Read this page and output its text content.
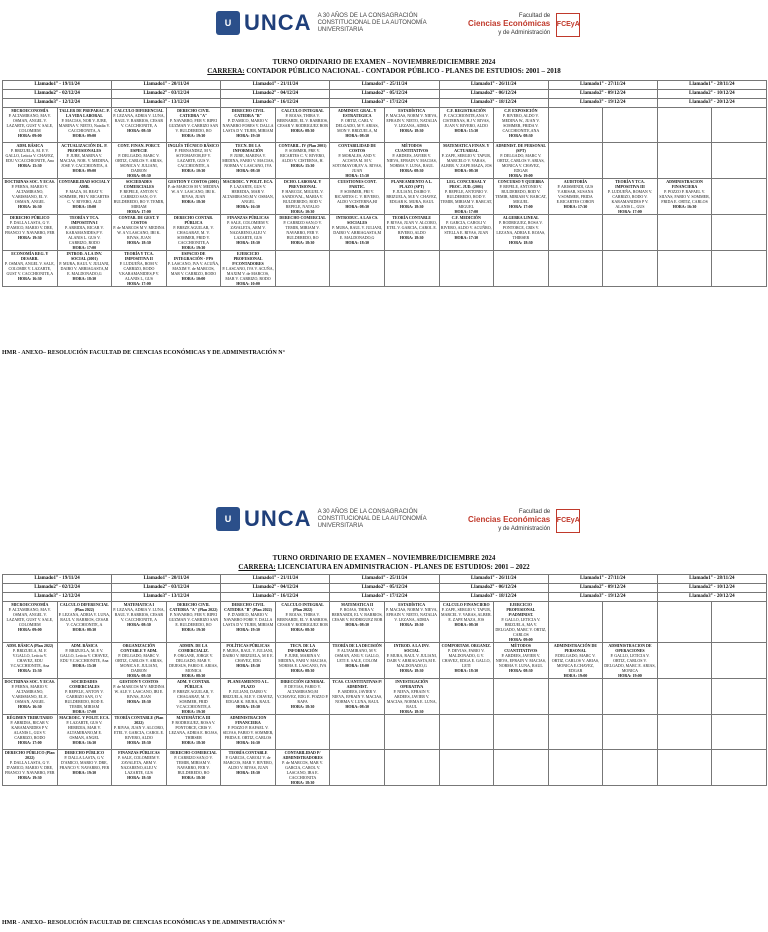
U UNCA A 30 AÑOS DE LA CONSAGRACIÓN CONSTITUCIONAL DE LA AUTONOMÍA UNIVERSITARIA
Facultad de
Ciencias Económicas
y de Administración
FCEyA
TURNO ORDINARIO DE EXAMEN – NOVIEMBRE/DICIEMBRE 2024
CARRERA: CONTADOR PÚBLICO NACIONAL - CONTADOR PÚBLICO - PLANES DE ESTUDIOS: 2001 – 2018
Llamado1° - 19/11/24		Llamado1° - 20/11/24		Llamado1° - 21/11/24		Llamado1° - 25/11/24		Llamado1° - 26/11/24		Llamado1° - 27/11/24		Llamado1° - 28/11/24	
Llamado2° - 02/12/24		Llamado2° - 03/12/24		Llamado2° - 04/12/24		Llamado2° - 05/12/24		Llamado2° - 06/12/24		Llamado2° - 09/12/24		Llamado2° - 10/12/24	
Llamado3° - 12/12/24		Llamado3° - 13/12/24		Llamado3° - 16/12/24		Llamado3° - 17/12/24		Llamado3° - 18/12/24		Llamado3° - 19/12/24		Llamado3° - 20/12/24	

MICROECONOMÍA
P. ALTAMIRANO, MA V. OSMAN, ANGEL V. LAZARTE, GUST V. SALE, COLOMIEM
HORA: 09:00	TALLER DE PREPARAC. P. LA VIDA LABORAL
P. MACIAS, NOR V. JUBE, MARINA V. NIETO, Natalia V. CACCHIONITA, A
HORA: 09:00	CALCULO DIFERENCIAL
P. LEZANA, ADRIA V. LUNA, RAUL V. BARRIOS, CESAR V. CACCHIONITE, A
HORA: 08:30	DERECHO CIVIL CATEDRA "A"
P. NAVARRO, FER V. RIPEI GUZMAN V. CARRIZO SAN V. BULDEREDO, RO
HORA: 19:30	DERECHO CIVIL CATEDRA "B"
P. D'AMICO, MARIO V. NAVARRO FORES V. DALLA LASTA D V. TEJER, MIRIAM
HORA: 19:30	CALCULO INTEGRAL
P. ROJAS, THIRA V. BERNARDI, EL V. BARRIOS, CESAR V. RODRIGUEZ BOR
HORA: 08:30	ADMINIST. GRAL. Y ESTRATEGICA
P. ORTIZ, CARL V. DELGADO, M V. ARIAS, MON V. BRIZUELA, M
HORA: 08:30	ESTADÍSTICA
P. MACIAS, NORM V. NIEVA, EFRAIN V. NIETO, NATALIA V. LEZANA, ADRIA
HORA: 18:30	C.F. REGISTRACIÓN
P. CACCHIONITE,ANA V. CISTERNAS, H.J V. RIVAS, JUAN V. RIVERO, ALDO
HORA: 15:30	C.P. EXPOSICIÓN
P. RIVERO, ALDO V. MEDINA W., JUAN V. SOMMER, FRIDA V. CACCHIONITE,ANA
HORA: 08:30				

ADM. BÁSICA
P. BRIZUELA, M. E V. GALLO, Leticia V. CHAVEZ, EDU V.CACCHIONITE, Ana
HORA: 15:30	ACTUALIZACIÓN DL. P. PROFESIONALES
P. JUBE, MARINA V. MACIAS, NOR. V. MEDINA, JOSE V. CACCHIONITA, A
HORA: 09:00	CONT. FINAN. PORCT. ESPECIE
P. DELGADO, MARC V. ORTIZ, CARLOS V. ARIAS, MONICA V. JULIANI, DAIRON
HORA: 08:30	INGLÉS TÉCNICO BÁSICO
P. FERNANDEZ, M V. SOTOMAYOR,EF V. LAZARTE, GUS V. CACCHIONITE, A
HORA: 10:30	TECN. DE LA INFORMACIÓN
P. JUBE, MARINA V. MEDINA, FABIO V. MACIAS, NORMA V. LASCANO, IVA
HORA: 08:30	CONTABIL. IV (Plan 2001)
P. SOMMER, FRE V. RICARTES C. V. RIVERO, ALDO V. CISTERNA, H.
HORA: 15:30	CONTABILIDAD DE COSTOS
P. MORALES, AND V. ACOSTA M. M V. SOTOMAYOR,EV A. RIVAS, JUAN
HORA: 15:30	MÉTODOS CUANTITATIVOS
P. ARDEES, JAVIER V. NIEVA, EFRAIN V. MACIAS, NORMA V. LUNA, RAUL
HORA: 08:30	MATEMATICA FINAN. Y ACTUARIAL
P. ZAPE, SERGIO V. TAPUR, MARCELO V. VARAS, ALBER. V. ZAPE MAZA, JOS
HORA: 08:30	ADMINIST. DE PERSONAL (SPT)
P. DELGADO, MARC V. ORTIZ, CARLOS V. ARIAS, MONICA V. CHAVEZ, EDGAR
HORA: 19:00				

DOCTRINAS SOC. Y ECAS.
P. PERNA, MARIO V. ALTAMIRANO, V.ARISMANO, EL V. OSMAN, ANGEL
HORA: 16:30	CONTABILIDAD SOCIAL Y AMB.
P. MAZA, M. BEAT V. SOMMER, FRI V. RICARTES C. V. RIVERO, ALD
HORA: 18:00	SOCIEDADES COMERCIALES
P. REPELE, ANTON V. CARRIZO SAN, O V. BULDEREDO, RO V. TEMIR, MIRIAM
HORA: 17:00	GESTION Y COSTOS (2001)
P. de MARCOS M V. MEDINA W. A V. LASCANO, IBI K. RIVAS, JUAN
HORA: 18:30	MACROEC. Y POLIT. ECA.
P. LAZARTE, GUS V. HEREDIA, MAR V. ALTAMIRANO,M V. OSMAN, ANGEL
HORA: 16:30	DCHO. LABORAL Y PREVISIONAL
P. HARCOZ, MIGUEL V. SANDOVAL, MARIA V. BULDEREDO, ROD V. REPELE, NATALIO
HORA: 10:30	CUESTIONES CONT. PARTIC.
P. SOMMER, FRI V. RICARTES C. V. RIVERO, ALDO V.CISTERNA,HJ
HORA: 08:30	PLANEAMIENTO A L. PLAZO (SPT)
P. JULIANI, DAIRO V. BRIZUELA, M.E V. CHAVEZ, EDGAR K. MURA, RAUL
HORA: 18:30	LEG. CONCURSAL Y PROC. JUD. (2001)
P. REPELE, ANTONIO V. BULDEREDO, ROD V. TEMIR, MIRIAM V. BARCAT, MIGUEL
HORA: 17:00	CONCURSO Y QUIEBRA
P. REPELE, ANTONIO V. BULDEREDO, ROD V. TEMIR, MIRIAM V. BARCAT, MIGUEL
HORA: 17:00	AUDITORÍA
P. ARISMENDI, GUS V.ARISAR, SUSANA V.SOMMER, FRIDA E.RICARTES CORON
HORA: 17:30	TEORÍA Y TCA. IMPOSITIVA III
P. LUDUEÑA, ROMAN V. CARRIZO, RODO V. KARAMANIDES P V. ALANIS L., GUS
HORA: 17:00	ADMINISTRACION FINANCIERA
P. POZZO P. RAFAEL V. SILVAS, FABIO V. SOMMER, FRIDA E. ORTIZ, CARLOS
HORA: 16:30	

DERECHO PÚBLICO
P. DALLA LASTA, G V. D'AMICO, MARIO V. DRE, FRANCO V. NAVARRO, FER
HORA: 19:30	TEORÍA Y TCA. IMPOSITIVA I
P. ARRIDIA, RICAR V. KARAMANIDES,P V. ALANIS L. GUS V. CARRIZO, RODO
HORA: 17:00	CONTAB. DE GEST. Y COSTOS
P. de MARCOS M V. MEDINA W. A V.LASCANO, IBI K. RIVAS, JUAN
HORA: 18:30	DERECHO CONTAB. PÚBLICA
P. BREZE AGUILAR, V. CHAGARAY, M. V. SOMMER, FRID V. CACCHIONITE,A
HORA: 19:30	FINANZAS PÚBLICAS
P. SALE, COLOMIEM V. ZAVALETA, ARM V. NAZARENO,ALEJ V. LAZARTE, GUS
HORA: 18:30	DERECHO COMERCIAL
P. CARRIZO SAN,O V. TEMIR, MIRIAM V. NAVARRO, FER V. BULDEREDO, RO
HORA: 18:30	INTRODUC. A LAS CS. SOCIALES
P. MURA, RAUL V. JULIANI, DAIRO V. ARRIAGASTA,M E. MALDONADO,G
HORA: 18:30	TEORÍA CONTABLE
P. RIVAS, JUAN V. ALCORO, ETEL V. GARCIA, CAROL E. RIVERO, ALDO
HORA: 18:30	C.F. MEDICIÓN
P. GARCIA, CAROLI V. RIVERO, ALDO V. ACUÑRO, STELLA E. RIVAS, JUAN
HORA: 17:30	ALGEBRA LINEAL
P. RODRIGUEZ, ROSA V. PONTORCE, CRIS V. LEZANA, ADRIA E. ROJAS, THIRSER
HORA: 18:30				

ECONOMÍA REG. Y DESARR.
P. OSMAN, ANGEL V. SALE, COLOMIE V. LAZARTE, GUST V. CACCHIONITE,A
HORA: 16:30	INTROD. A LA INV. SOCIAL (2001)
P. MURA, RAUL V. JULIANI, DAIRO V. ARRIAGASTA,M E. MALDONADO,G
HORA: 18:30	TEORÍA Y TCA. IMPOSITIVA II
P. LUDUEÑA, ROM V. CARRIZO, RODO V.KARAMANIDES,P V. ALANIS L, GUS
HORA: 17:00	ESPACIO DE INTEGRACIÓN - PPS
P. LASCANO, IVA V. ACUÑA, MAXIM V. de MARCOS, MAR V. CARRIZO, RODO
HORA: 10:00	EJERCICIO PROFESIONAL P/CONTADORES
P. LASCANO, IVA V. ACUÑA, MAXIM V. de MARCOS, MAR V. CARRIZO, RODO
HORA: 10:00									

HMR - ANEXO– RESOLUCIÓN FACULTAD DE CIENCIAS ECONÓMICAS Y DE ADMINISTRACIÓN N°
U UNCA A 30 AÑOS DE LA CONSAGRACIÓN CONSTITUCIONAL DE LA AUTONOMÍA UNIVERSITARIA
Facultad de
Ciencias Económicas
y de Administración
FCEyA
TURNO ORDINARIO DE EXAMEN – NOVIEMBRE/DICIEMBRE 2024
CARRERA: LICENCIATURA EN ADMINISTRACION - PLANES DE ESTUDIOS: 2001 – 2022
Llamado1° - 19/11/24		Llamado1° - 20/11/24		Llamado1° - 21/11/24		Llamado1° - 25/11/24		Llamado1° - 26/11/24		Llamado1° - 27/11/24		Llamado1° - 28/11/24	
Llamado2° - 02/12/24		Llamado2° - 03/12/24		Llamado2° - 04/12/24		Llamado2° - 05/12/24		Llamado2° - 06/12/24		Llamado2° - 09/12/24		Llamado2° - 10/12/24	
Llamado3° - 12/12/24		Llamado3° - 13/12/24		Llamado3° - 16/12/24		Llamado3° - 17/12/24		Llamado3° - 18/12/24		Llamado3° - 19/12/24		Llamado3° - 20/12/24	

MICROECONOMÍA
P. ALTAMIRANO, MA V. OSMAN, ANGEL V. LAZARTE, GUST V. SALE, COLOMIEM
HORA: 09:00	CALCULO DIFERENCIAL (Plan 2022)
P. LEZANA, ADRIA V. LUNA, RAUL V. BARRIOS, CESAR V. CACCHIONITE, A
HORA: 08:30	MATEMATICA I
P. LEZANA, ADRIA V. LUNA, RAUL V. BARRIOS, CESAR V. CACCHIONITE, A
HORA: 08:30	DERECHO CIVIL CATEDRA "A" (Plan 2022)
P. NAVARRO, FER V. RIPEI GUZMAN V. CARRIZO SAN E. BULDEREDO, RO
HORA: 19:30	DERECHO CIVIL CATEDRA "B" (Plan 2022)
P. D'AMICO, MARIO V. NAVARRO FORE V. DALLA LASTA D V. TEJER, MIRIAM
HORA: 19:30	CALCULO INTEGRAL (Plan 2022)
P. ROJAS, THIRA V. BERNARDI, EL V. BARRIOS, CESAR V. RODRIGUEZ BOR
HORA: 08:30	MATEMATICA II
P. ROJAS, THIRA V. BERNARDI, EL V. BARRIOS, CESAR V. RODRIGUEZ BOR
HORA: 08:30	ESTADÍSTICA
P. MACIAS, NORM V. NIEVA, EFRAIN V. NIETO, NATALIA V. LEZANA, ADRIA
HORA: 18:30	CALCULO FINANCIERO
P. ZAPE, SERGIO V. TAPUR, MARCEL V. VARAS, ALBER. E. ZAPE MAZA, JOS
HORA: 08:30	EJERCICIO PROFESIONAL P/ADMINIST.
P. GALLO, LETICIA V. BRIZUELA, MA V. DELGADO, MARC V. ORTIZ, CARLOS
HORA: 09:00				

ADM. BÁSICA (Plan 2022)
P. BRIZUELA, M. E V.GALLO, Leticia V. CHAVEZ, EDU V.CACCHIONITE, Ana
HORA: 15:30	ADM. BÁSICA
P. BRIZUELA, M. E V. GALLO, Leticia V. CHAVEZ, EDU V.CACCHIONITE, Ana
HORA: 15:30	ORGANIZACIÓN CONTABLE Y ADM.
P. DELGADO, MARC V. ORTIZ, CARLOS V. ARIAS, MONICA E. JULIANI, DAIRON
HORA: 08:30	ADMIN. DE LA COMERCIALIZ.
P. ORGANE, JORGE V. DELGADO, MAR V. DEJESUS, FABIO E. ARIAS, MONICA
HORA: 08:30	POLÍTICAS PÚBLICAS
P. MURA, RAUL V. JULIANI, DAIRO V. BRIZUELA, M E E. CHAVEZ, EDG
HORA: 18:30	TECN. DE LA INFORMACIÓN
P. JUBE, MARINA V. MEDINA, FABI V. MACIAS, NORMA E. LASCANO, IVA
HORA: 08:30	TEORÍA DE LA DECISIÓN
P. ALTAMIRANO, M V. OSMAN, ANG V. GALLO, LETI E. SALE, COLOM
HORA: 18:00	INTROD. A LA INV. SOCIAL
P. MURA, RAUL V. JULIANI, DAIR V. ARRIAGASTA,M E. MALDONADO,G
HORA: 18:30	COMPORTAM. ORGANIZ.
P. DEVIAS, FABIO V. MALDONADO, G V. CHAVEZ, EDGA E. GALLO, LETI
HORA: 18:30	MÉTODOS CUANTITATIVOS
P. ARDEES, JAVIER V. NIEVA, EFRAIN V. MACIAS, NORMA V. LUNA, RAUL
HORA: 08:30	ADMINISTRACIÓN DE PERSONAL
P.DELGADO, MARC V. ORTIZ, CARLOS V. ARIAS, MONICA E.CHAVEZ, EDGAR
HORA: 19:00	ADMINISTRACION DE OPERACIONES
P. GALLO, LETICIA V. ORTIZ, CARLOS V. DELGADO, MARC E. ARIAS, MONICA
HORA: 19:00		

DOCTRINAS SOC. Y ECAS.
P. PERNA, MARIO V. ALTAMIRANO, V.ARISMANO, EL E. OSMAN, ANGEL
HORA: 16:30	SOCIEDADES COMERCIALES
P. REPELE, ANTON V. CARRIZO SAN, O V. BULDEREDO, ROD E. TEMIR, MIRIAM
HORA: 17:00	GESTION Y COSTOS
P. de MARCOS M V. MEDINA W. ALE V. LASCANO, IBI E. RIVAS, JUAN
HORA: 18:30	ADM. Y CONTAB. PÚBLICA
P. BREZE AGUILAR, V. CHAGARAY, M. V. SOMMER, FRID V.CACCHIONITE,A
HORA: 19:30	PLANEAMIENTO A L. PLAZO
P. JULIANI, DAIRO V. BRIZUELA, M.E V. CHAVEZ, EDGAR K. MURA, RAUL
HORA: 18:30	DIRECCIÓN GENERAL
P. DEVIAS, FABIO V. ALTAMIRANO,M V.CHAVEZ, EDG E. POZZO P. RAFA
HORA: 18:30	TCAS. CUANTITATIVAS P/ ADMINIST.
P. ARDEES, JAVIER V. NIEVA, EFRAIN V. MACIAS, NORMA V. LUNA, RAUL
HORA: 08:30	INVESTIGACIÓN OPERATIVA
P. NIEVA, EFRAIN V. ARDEES, JAVIER V. MACIAS, NORMA E. LUNA, RAUL
HORA: 18:30						

RÉGIMEN TRIBUTARIO
P. ARRIDIA, RICAR V. KARAMANIDES P V. ALANIS L, GUS V. CARRIZO, RODO
HORA: 17:00	MACROEC. Y POLIT. ECA.
P. LAZARTE, GUS V. HEREDIA, MAR V. ALTAMIRANO,M E. OSMAN, ANGEL
HORA: 16:30	TEORÍA CONTABLE (Plan 2022)
P. RIVAS, JUAN V. ALCORO, ETEL V. GARCIA, CAROL E. RIVERO, ALDO
HORA: 18:30	MATEMÁTICA III
P. RODRIGUEZ, ROSA V. PONTORCE, CRIS V. LEZANA, ADRIA E. ROJAS, THIRSER
HORA: 18:30	ADMINISTRACION FINANCIERA
P. POZZO P. RAFAEL V. SILVAS, FABIO V. SOMMER, FRIDA E. ORTIZ, CARLOS
HORA: 16:30									

DERECHO PÚBLICO (Plan 2022)
P. DALLA LASTA, G V. D'AMICO, MARIO V. DRE, FRANCO V. NAVARRO, FER
HORA: 19:30	DERECHO PÚBLICO
P. DALLA LASTA, G V. D'AMICO, MARIO V. DRE, FRANCO V. NAVARRO, FER
HORA: 19:30	FINANZAS PÚBLICAS
P. SALE, COLOMIEM V. ZAVALETA, ARM V. NAZARENO,ALEJ V. LAZARTE, GUS
HORA: 18:30	DERECHO COMERCIAL
P. CARRIZO SAN,O V. TEMIR, MIRIAM V. NAVARRO, FER V. BULDEREDO, RO
HORA: 18:30	TEORÍA CONTABLE
P. GARCIA, CAROLI V. de MARCOS, MAR V. RIVERO, ALDO V. RIVAS, JUAN
HORA: 18:30	CONTABILIDAD P/ ADMINISTRADORES
P. de MARCOS, MAR V. GARCIA, CAROL V. LASCANO, IBA E. CACCHIONITA
HORA: 18:30								

HMR - ANEXO– RESOLUCIÓN FACULTAD DE CIENCIAS ECONÓMICAS Y DE ADMINISTRACIÓN N°
